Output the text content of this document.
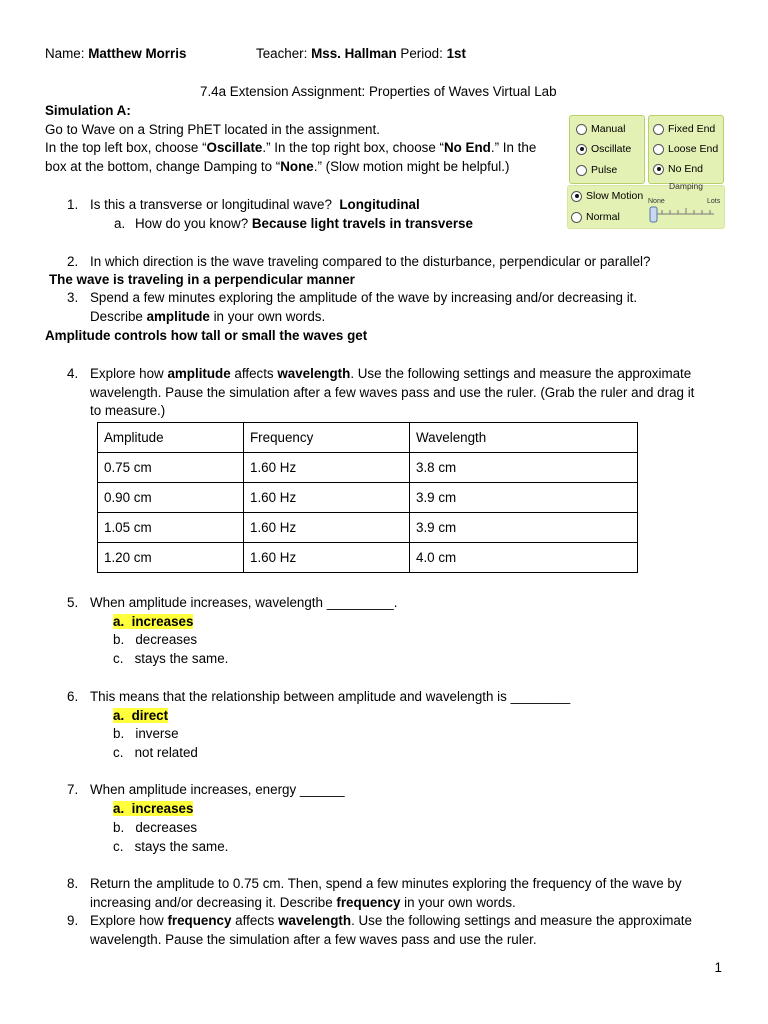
Name: Matthew Morris	Teacher: Mss. Hallman Period: 1st
7.4a Extension Assignment: Properties of Waves Virtual Lab
Simulation A:
Go to Wave on a String PhET located in the assignment.
In the top left box, choose “Oscillate.” In the top right box, choose “No End.” In the
box at the bottom, change Damping to “None.” (Slow motion might be helpful.)
Manual
Oscillate
Pulse
Fixed End
Loose End
No End
Slow Motion
Normal
Damping
None	Lots
1. Is this a transverse or longitudinal wave? Longitudinal
a. How do you know? Because light travels in transverse
2. In which direction is the wave traveling compared to the disturbance, perpendicular or parallel?
The wave is traveling in a perpendicular manner
3. Spend a few minutes exploring the amplitude of the wave by increasing and/or decreasing it.
Describe amplitude in your own words.
Amplitude controls how tall or small the waves get
4. Explore how amplitude affects wavelength. Use the following settings and measure the approximate
wavelength. Pause the simulation after a few waves pass and use the ruler. (Grab the ruler and drag it
to measure.)
Amplitude	Frequency	Wavelength
0.75 cm	1.60 Hz	3.8 cm
0.90 cm	1.60 Hz	3.9 cm
1.05 cm	1.60 Hz	3.9 cm
1.20 cm	1.60 Hz	4.0 cm
5. When amplitude increases, wavelength _________.
a. increases
b. decreases
c. stays the same.
6. This means that the relationship between amplitude and wavelength is ________
a. direct
b. inverse
c. not related
7. When amplitude increases, energy ______
a. increases
b. decreases
c. stays the same.
8. Return the amplitude to 0.75 cm. Then, spend a few minutes exploring the frequency of the wave by
increasing and/or decreasing it. Describe frequency in your own words.
9. Explore how frequency affects wavelength. Use the following settings and measure the approximate
wavelength. Pause the simulation after a few waves pass and use the ruler.
1
